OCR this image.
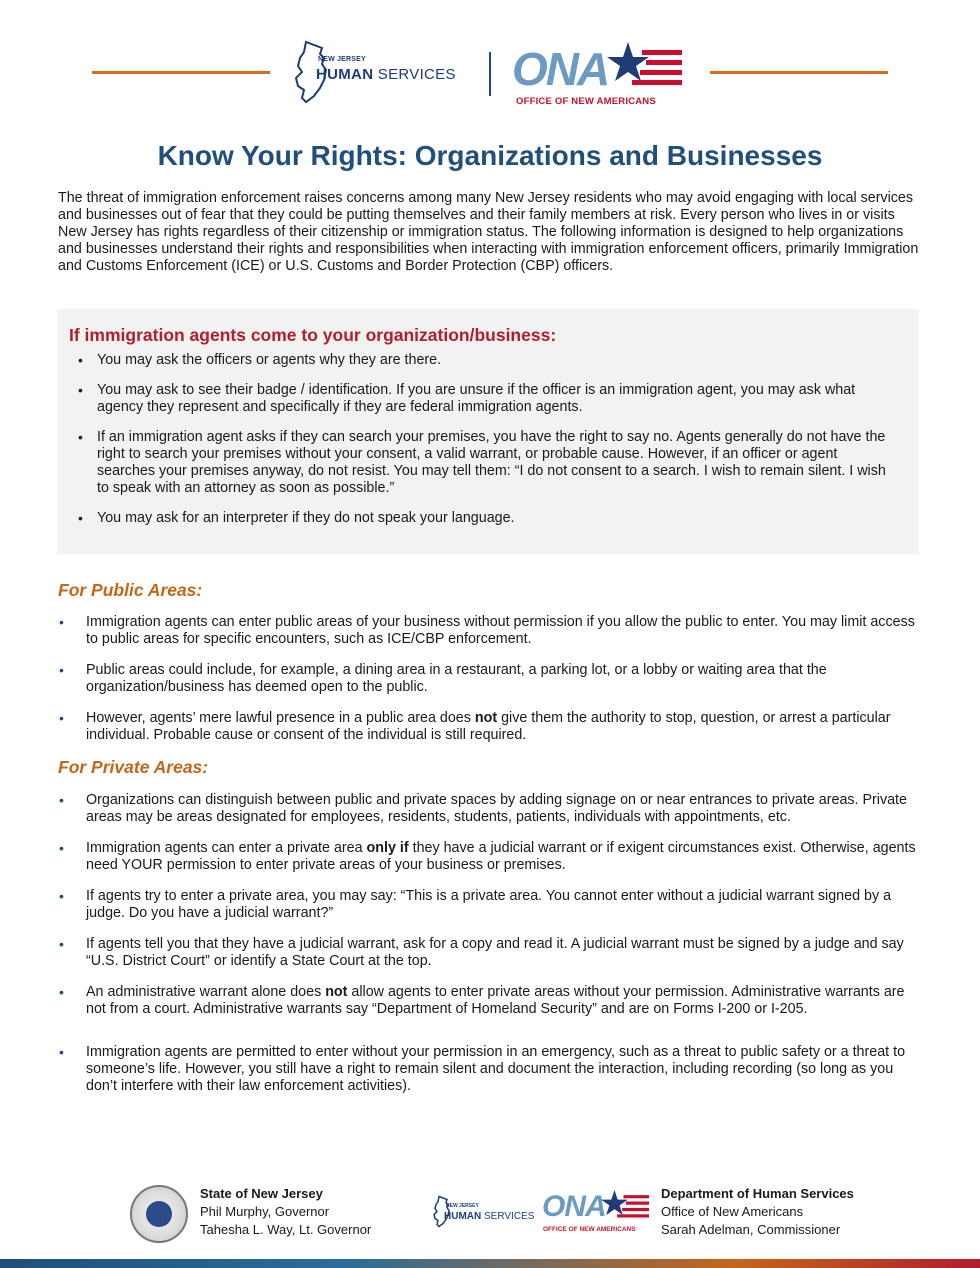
NEW JERSEY
HUMAN SERVICES ONA
OFFICE OF NEW AMERICANS
Know Your Rights: Organizations and Businesses
The threat of immigration enforcement raises concerns among many New Jersey residents who may avoid engaging with local services and businesses out of fear that they could be putting themselves and their family members at risk. Every person who lives in or visits New Jersey has rights regardless of their citizenship or immigration status. The following information is designed to help organizations and businesses understand their rights and responsibilities when interacting with immigration enforcement officers, primarily Immigration and Customs Enforcement (ICE) or U.S. Customs and Border Protection (CBP) officers.
If immigration agents come to your organization/business:
• You may ask the officers or agents why they are there.
• You may ask to see their badge / identification. If you are unsure if the officer is an immigration agent, you may ask what agency they represent and specifically if they are federal immigration agents.
• If an immigration agent asks if they can search your premises, you have the right to say no. Agents generally do not have the right to search your premises without your consent, a valid warrant, or probable cause. However, if an officer or agent searches your premises anyway, do not resist. You may tell them: “I do not consent to a search. I wish to remain silent. I wish to speak with an attorney as soon as possible.”
• You may ask for an interpreter if they do not speak your language.
For Public Areas:
• Immigration agents can enter public areas of your business without permission if you allow the public to enter. You may limit access to public areas for specific encounters, such as ICE/CBP enforcement.
• Public areas could include, for example, a dining area in a restaurant, a parking lot, or a lobby or waiting area that the organization/business has deemed open to the public.
• However, agents’ mere lawful presence in a public area does not give them the authority to stop, question, or arrest a particular individual. Probable cause or consent of the individual is still required.
For Private Areas:
• Organizations can distinguish between public and private spaces by adding signage on or near entrances to private areas. Private areas may be areas designated for employees, residents, students, patients, individuals with appointments, etc.
• Immigration agents can enter a private area only if they have a judicial warrant or if exigent circumstances exist. Otherwise, agents need YOUR permission to enter private areas of your business or premises.
• If agents try to enter a private area, you may say: “This is a private area. You cannot enter without a judicial warrant signed by a judge. Do you have a judicial warrant?”
• If agents tell you that they have a judicial warrant, ask for a copy and read it. A judicial warrant must be signed by a judge and say “U.S. District Court” or identify a State Court at the top.
• An administrative warrant alone does not allow agents to enter private areas without your permission. Administrative warrants are not from a court. Administrative warrants say “Department of Homeland Security” and are on Forms I-200 or I-205.
• Immigration agents are permitted to enter without your permission in an emergency, such as a threat to public safety or a threat to someone’s life. However, you still have a right to remain silent and document the interaction, including recording (so long as you don’t interfere with their law enforcement activities).
State of New Jersey
Phil Murphy, Governor
Tahesha L. Way, Lt. Governor
NEW JERSEY
HUMAN SERVICES ONA
OFFICE OF NEW AMERICANS
Department of Human Services
Office of New Americans
Sarah Adelman, Commissioner
